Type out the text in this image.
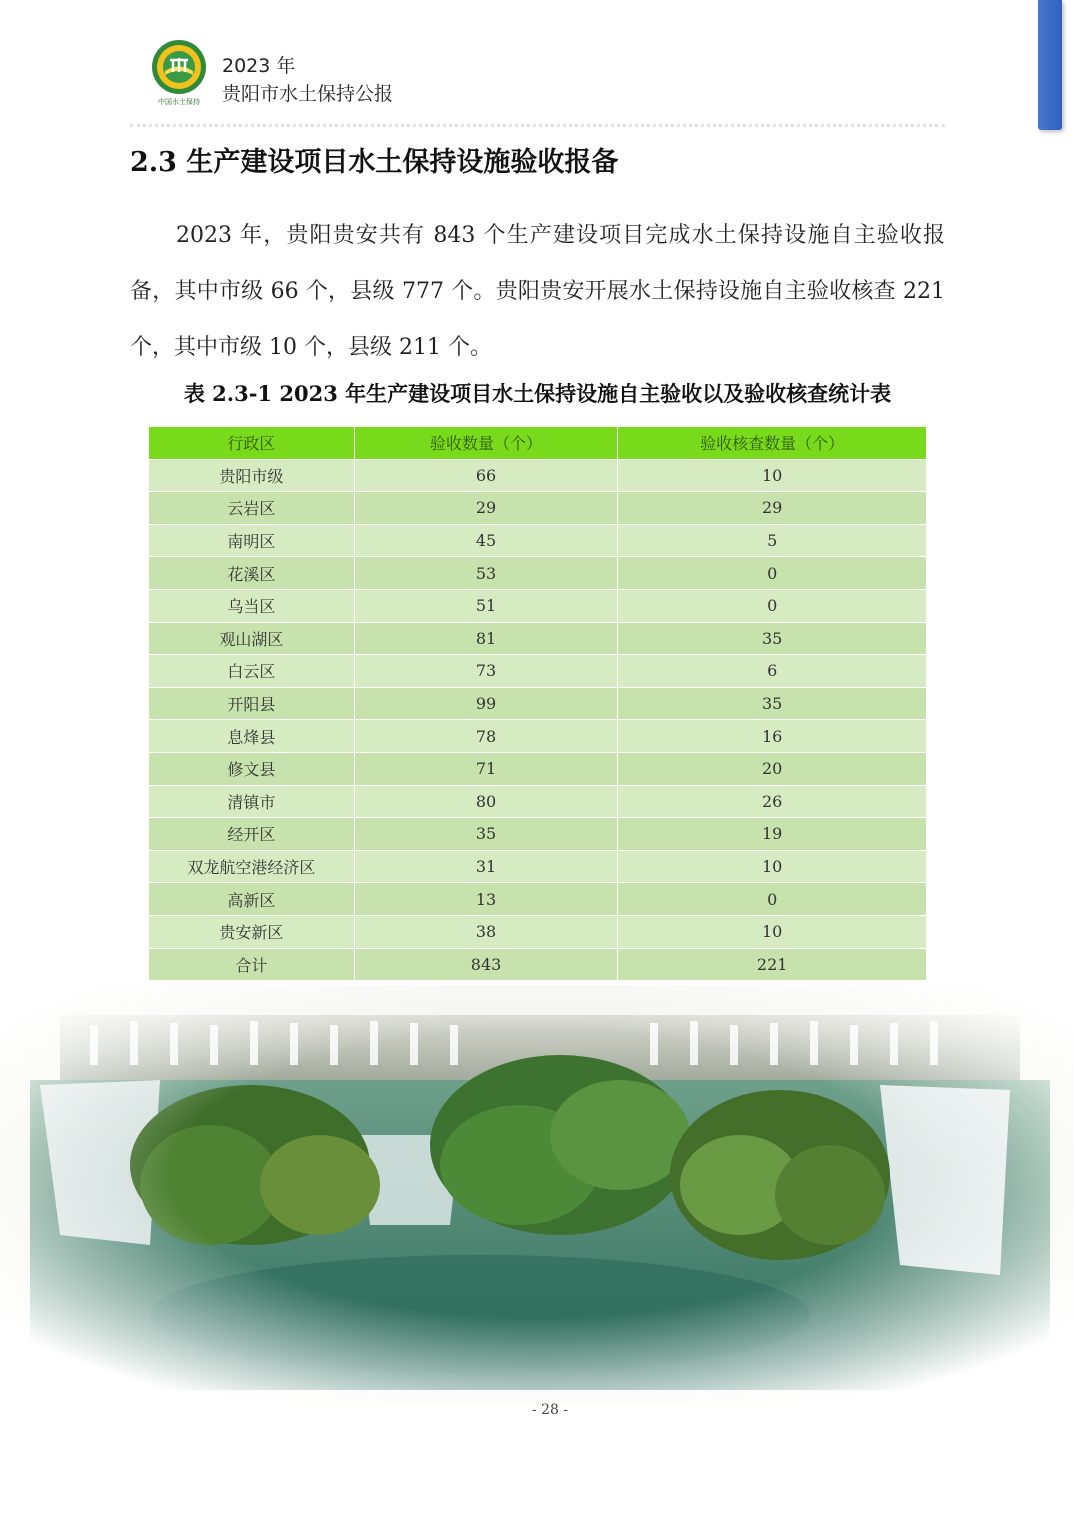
中国水土保持
2023 年
贵阳市水土保持公报
2.3 生产建设项目水土保持设施验收报备
2023 年，贵阳贵安共有 843 个生产建设项目完成水土保持设施自主验收报备，其中市级 66 个，县级 777 个。贵阳贵安开展水土保持设施自主验收核查 221 个，其中市级 10 个，县级 211 个。
表 2.3-1 2023 年生产建设项目水土保持设施自主验收以及验收核查统计表
行政区	验收数量（个）	验收核查数量（个）
贵阳市级	66	10
云岩区	29	29
南明区	45	5
花溪区	53	0
乌当区	51	0
观山湖区	81	35
白云区	73	6
开阳县	99	35
息烽县	78	16
修文县	71	20
清镇市	80	26
经开区	35	19
双龙航空港经济区	31	10
高新区	13	0
贵安新区	38	10
合计	843	221
- 28 -
